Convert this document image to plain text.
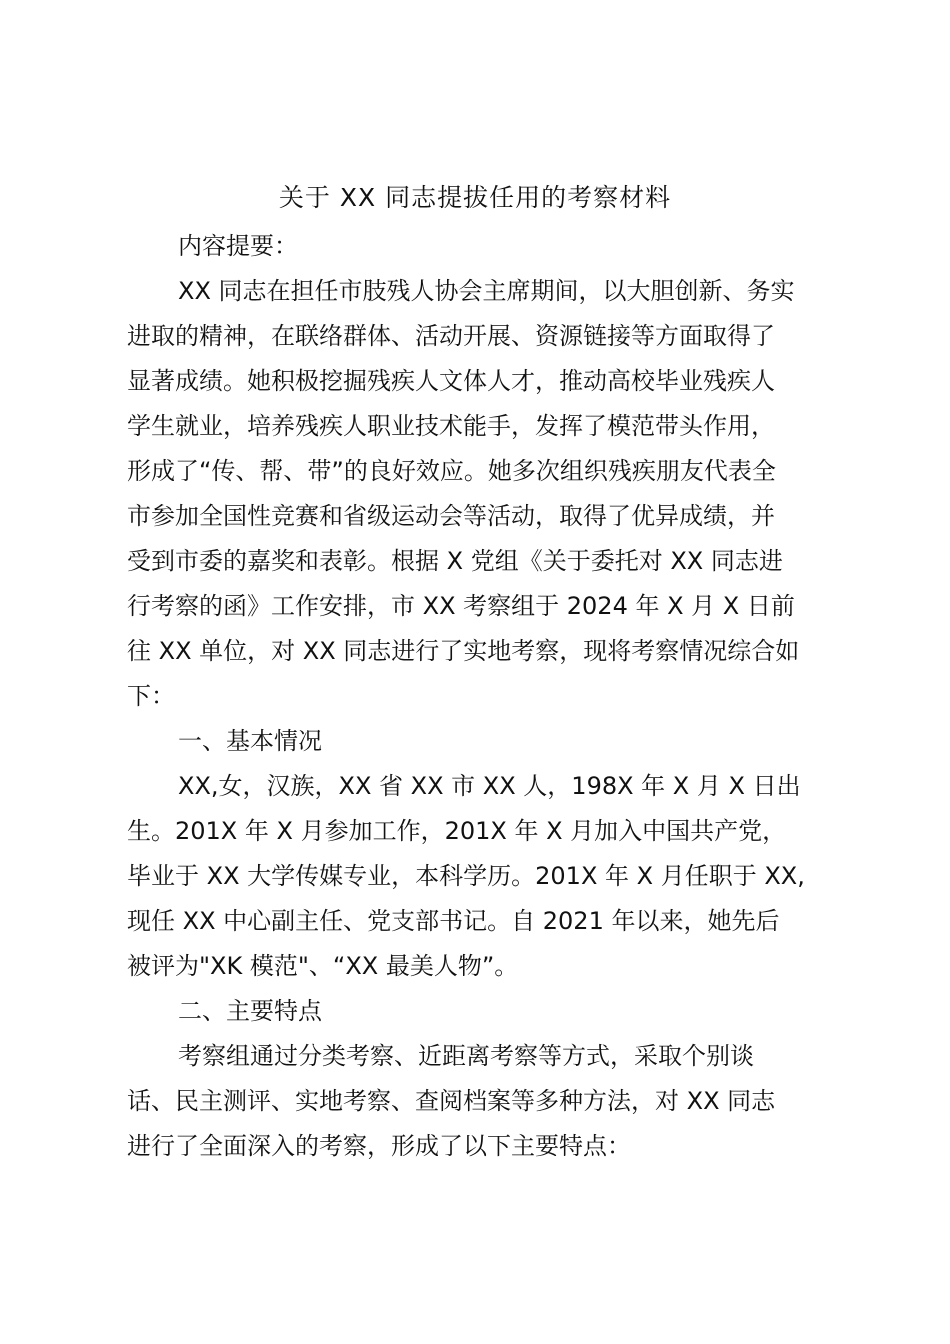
关于 XX 同志提拔任用的考察材料
内容提要：
XX 同志在担任市肢残人协会主席期间，以大胆创新、务实
进取的精神，在联络群体、活动开展、资源链接等方面取得了
显著成绩。她积极挖掘残疾人文体人才，推动高校毕业残疾人
学生就业，培养残疾人职业技术能手，发挥了模范带头作用，
形成了“传、帮、带”的良好效应。她多次组织残疾朋友代表全
市参加全国性竞赛和省级运动会等活动，取得了优异成绩，并
受到市委的嘉奖和表彰。根据 X 党组《关于委托对 XX 同志进
行考察的函》工作安排，市 XX 考察组于 2024 年 X 月 X 日前
往 XX 单位，对 XX 同志进行了实地考察，现将考察情况综合如
下：
一、基本情况
XX,女，汉族，XX 省 XX 市 XX 人，198X 年 X 月 X 日出
生。201X 年 X 月参加工作，201X 年 X 月加入中国共产党，
毕业于 XX 大学传媒专业，本科学历。201X 年 X 月任职于 XX,
现任 XX 中心副主任、党支部书记。自 2021 年以来，她先后
被评为"XK 模范"、“XX 最美人物”。
二、主要特点
考察组通过分类考察、近距离考察等方式，采取个别谈
话、民主测评、实地考察、查阅档案等多种方法，对 XX 同志
进行了全面深入的考察，形成了以下主要特点：
